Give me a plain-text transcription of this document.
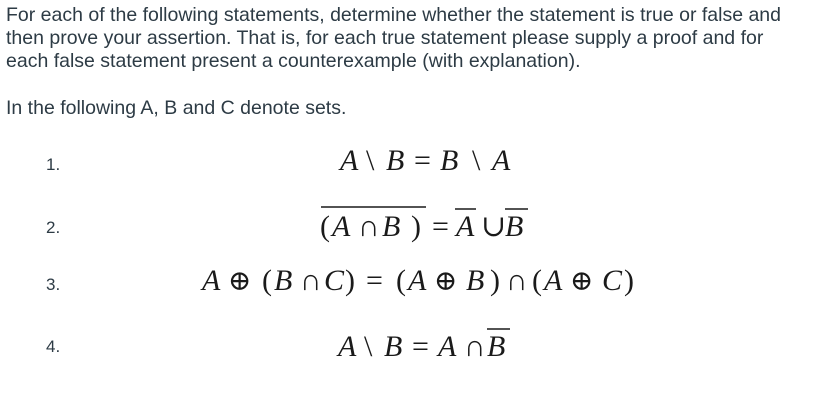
For each of the following statements, determine whether the statement is true or false and then prove your assertion. That is, for each true statement please supply a proof and for each false statement present a counterexample (with explanation).

In the following A, B and C denote sets.

1.	A \ B = B \ A
2.	( A ∩ B ) = A ∪
B
3.	A ⊕ ( B ∩ C ) = ( A ⊕ B ) ∩ ( A ⊕ C )
4.	A \ B = A ∩ B
